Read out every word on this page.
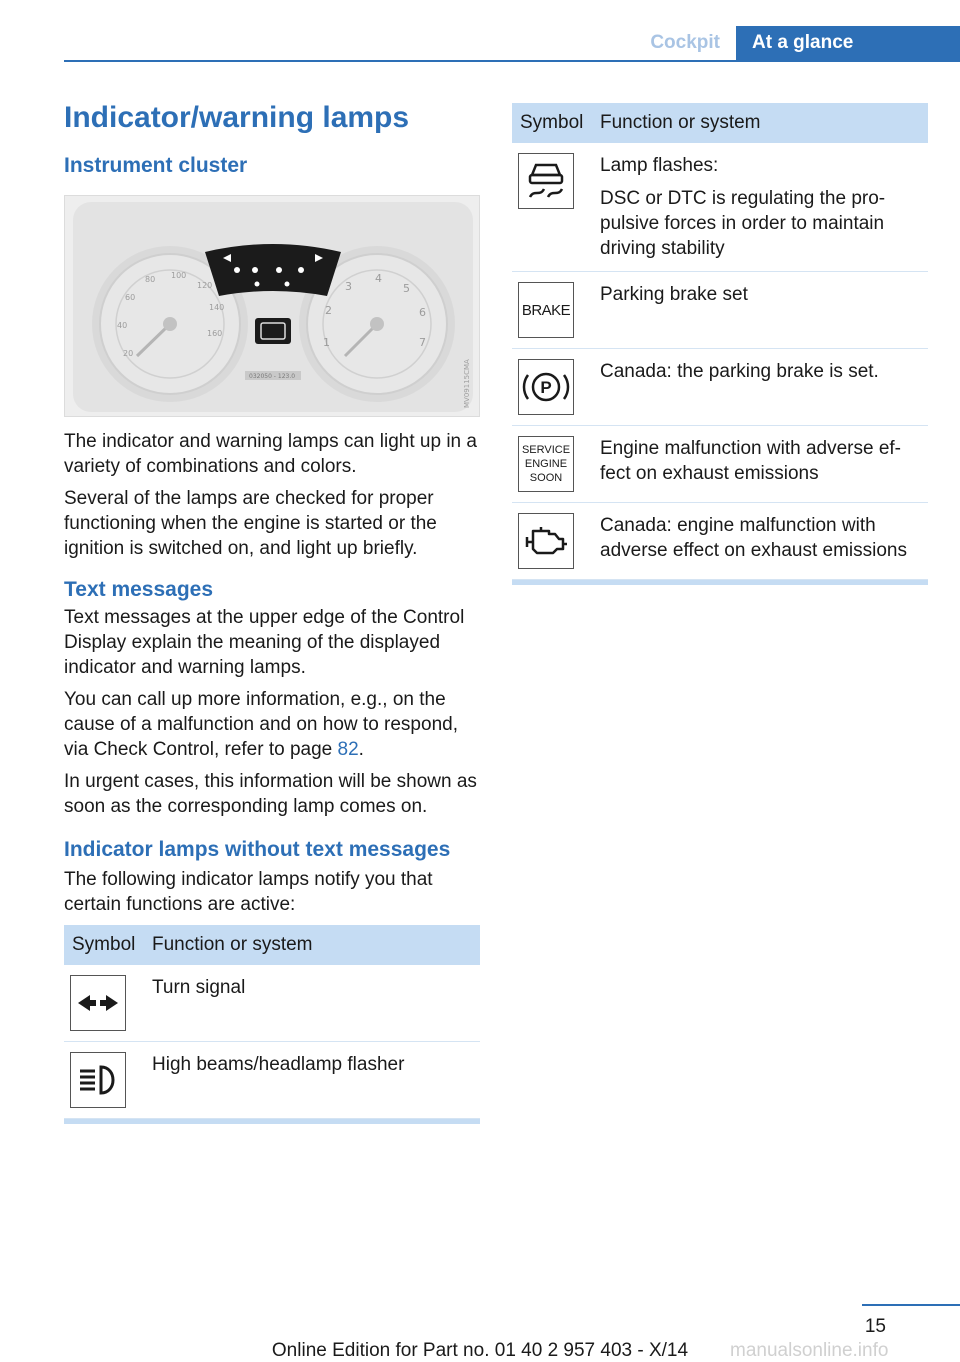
Cockpit	At a glance
Indicator/warning lamps
Instrument cluster
20
40
60
80 100
120
140
160
1
2
3
4
5
6
7
032050 - 123.0	MV09115CMA

The indicator and warning lamps can light up in a variety of combinations and colors.

Several of the lamps are checked for proper functioning when the engine is started or the ignition is switched on, and light up briefly.

Text messages

Text messages at the upper edge of the Control Display explain the meaning of the displayed indicator and warning lamps.

You can call up more information, e.g., on the cause of a malfunction and on how to respond, via Check Control, refer to page 82.

In urgent cases, this information will be shown as soon as the corresponding lamp comes on.

Indicator lamps without text messages

The following indicator lamps notify you that certain functions are active:

Symbol	Function or system

	Turn signal

	High beams/headlamp flasher
Symbol	Function or system

Lamp flashes:

DSC or DTC is regulating the propulsive forces in order to maintain driving stability

BRAKE	Parking brake set

P	Canada: the parking brake is set.

SERVICE
ENGINE
SOON	Engine malfunction with adverse effect on exhaust emissions

	Canada: engine malfunction with adverse effect on exhaust emissions
15
Online Edition for Part no. 01 40 2 957 403 - X/14	manualsonline.info
